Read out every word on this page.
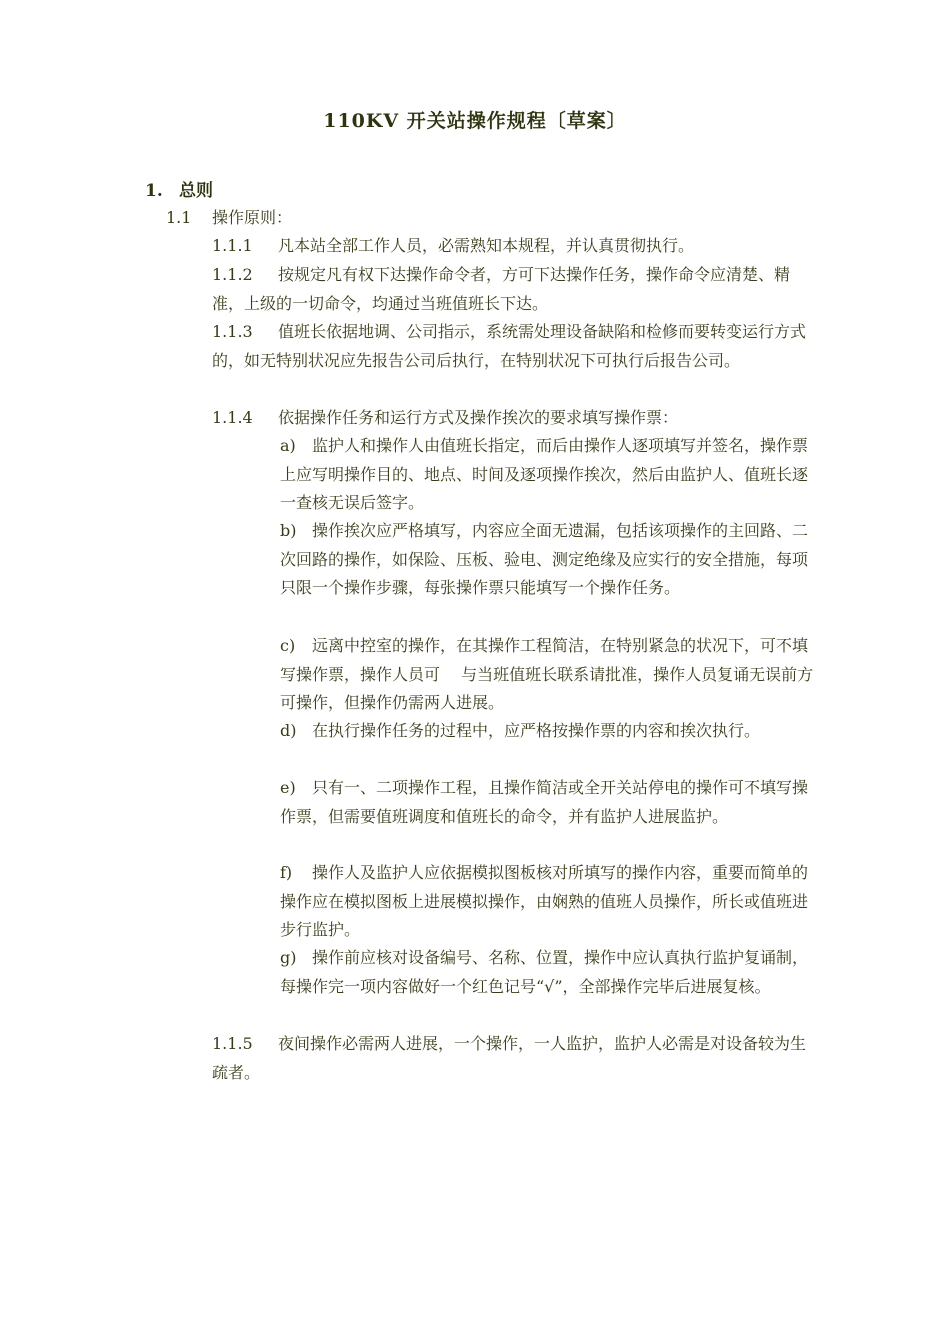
110KV 开关站操作规程〔草案〕
1. 总则
1.1 操作原则：
1.1.1 凡本站全部工作人员，必需熟知本规程，并认真贯彻执行。
1.1.2 按规定凡有权下达操作命令者，方可下达操作任务，操作命令应清楚、精准，上级的一切命令，均通过当班值班长下达。
1.1.3 值班长依据地调、公司指示，系统需处理设备缺陷和检修而要转变运行方式的，如无特别状况应先报告公司后执行，在特别状况下可执行后报告公司。
1.1.4 依据操作任务和运行方式及操作挨次的要求填写操作票：
a) 监护人和操作人由值班长指定，而后由操作人逐项填写并签名，操作票上应写明操作目的、地点、时间及逐项操作挨次，然后由监护人、值班长逐一查核无误后签字。
b) 操作挨次应严格填写，内容应全面无遗漏，包括该项操作的主回路、二次回路的操作，如保险、压板、验电、测定绝缘及应实行的安全措施，每项只限一个操作步骤，每张操作票只能填写一个操作任务。
c) 远离中控室的操作，在其操作工程简洁，在特别紧急的状况下，可不填写操作票，操作人员可　 与当班值班长联系请批准，操作人员复诵无误前方可操作，但操作仍需两人进展。
d) 在执行操作任务的过程中，应严格按操作票的内容和挨次执行。
e) 只有一、二项操作工程，且操作简洁或全开关站停电的操作可不填写操作票，但需要值班调度和值班长的命令，并有监护人进展监护。
f) 操作人及监护人应依据模拟图板核对所填写的操作内容，重要而简单的操作应在模拟图板上进展模拟操作，由娴熟的值班人员操作，所长或值班进步行监护。
g) 操作前应核对设备编号、名称、位置，操作中应认真执行监护复诵制，每操作完一项内容做好一个红色记号“√”，全部操作完毕后进展复核。
1.1.5 夜间操作必需两人进展，一个操作，一人监护，监护人必需是对设备较为生疏者。
